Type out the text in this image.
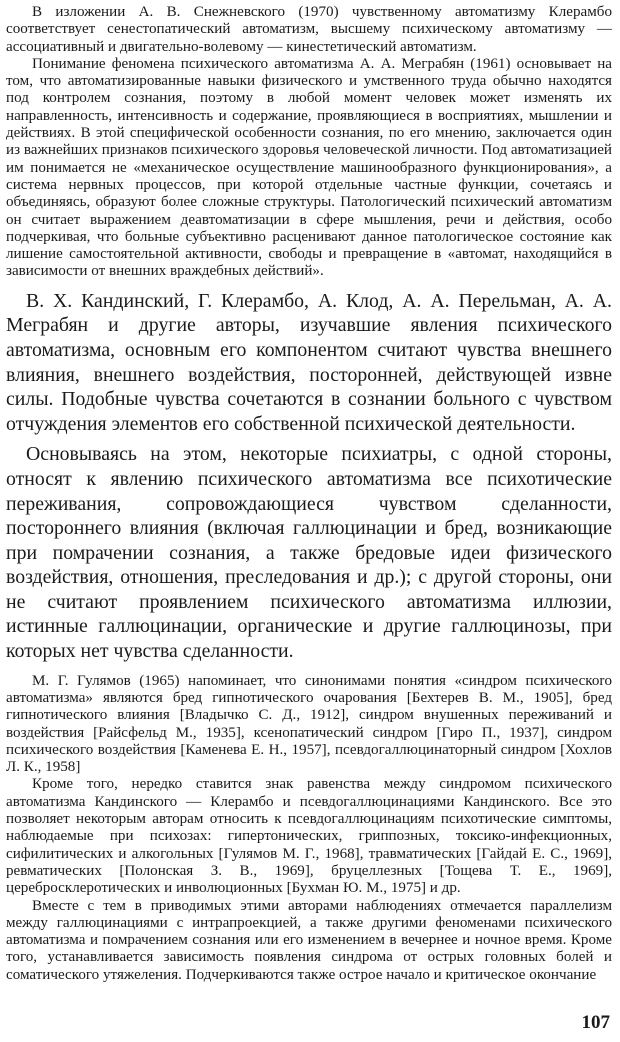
В изложении А. В. Снежневского (1970) чувственному автоматизму Клерамбо соответствует сенестопатический автоматизм, высшему психическому автоматизму — ассоциативный и двигательно-волевому — кинестетический автоматизм.

Понимание феномена психического автоматизма А. А. Меграбян (1961) основывает на том, что автоматизированные навыки физического и умственного труда обычно находятся под контролем сознания, поэтому в любой момент человек может изменять их направленность, интенсивность и содержание, проявляющиеся в восприятиях, мышлении и действиях. В этой специфической особенности сознания, по его мнению, заключается один из важнейших признаков психического здоровья человеческой личности. Под автоматизацией им понимается не «механическое осуществление машинообразного функционирования», а система нервных процессов, при которой отдельные частные функции, сочетаясь и объединяясь, образуют более сложные структуры. Патологический психический автоматизм он считает выражением деавтоматизации в сфере мышления, речи и действия, особо подчеркивая, что больные субъективно расценивают данное патологическое состояние как лишение самостоятельной активности, свободы и превращение в «автомат, находящийся в зависимости от внешних враждебных действий».

В. Х. Кандинский, Г. Клерамбо, А. Клод, А. А. Перельман, А. А. Меграбян и другие авторы, изучавшие явления психического автоматизма, основным его компонентом считают чувства внешнего влияния, внешнего воздействия, посторонней, действующей извне силы. Подобные чувства сочетаются в сознании больного с чувством отчуждения элементов его собственной психической деятельности.

Основываясь на этом, некоторые психиатры, с одной стороны, относят к явлению психического автоматизма все психотические переживания, сопровождающиеся чувством сделанности, постороннего влияния (включая галлюцинации и бред, возникающие при помрачении сознания, а также бредовые идеи физического воздействия, отношения, преследования и др.); с другой стороны, они не считают проявлением психического автоматизма иллюзии, истинные галлюцинации, органические и другие галлюцинозы, при которых нет чувства сделанности.

М. Г. Гулямов (1965) напоминает, что синонимами понятия «синдром психическоrо автоматизма» являются бред гипнотического очарования [Бехтерев В. М., 1905], бред гипнотического влияния [Владычко С. Д., 1912], синдром внушенных переживаний и воздействия [Райсфельд М., 1935], ксенопатический синдром [Гиро П., 1937], синдром психического воздействия [Каменева Е. Н., 1957], псевдогаллюцинаторный синдром [Хохлов Л. К., 1958]

Кроме того, нередко ставится знак равенства между синдромом психического автоматизма Кандинского — Клерамбо и псевдогаллюцинациями Кандинского. Все это позволяет некоторым авторам относить к псевдогаллюцинациям психотические симптомы, наблюдаемые при психозах: гипертонических, гриппозных, токсико-инфекционных, сифилитических и алкогольных [Гулямов М. Г., 1968], травматических [Гайдай Е. С., 1969], ревматических [Полонская З. В., 1969], бруцеллезных [Тощева Т. Е., 1969], церебросклеротических и инволюционных [Бухман Ю. М., 1975] и др.

Вместе с тем в приводимых этими авторами наблюдениях отмечается параллелизм между галлюцинациями с интрапроекцией, а также другими феноменами психического автоматизма и помрачением сознания или его изменением в вечернее и ночное время. Кроме того, устанавливается зависимость появления синдрома от острых головных болей и соматического утяжеления. Подчеркиваются также острое начало и критическое окончание

107
